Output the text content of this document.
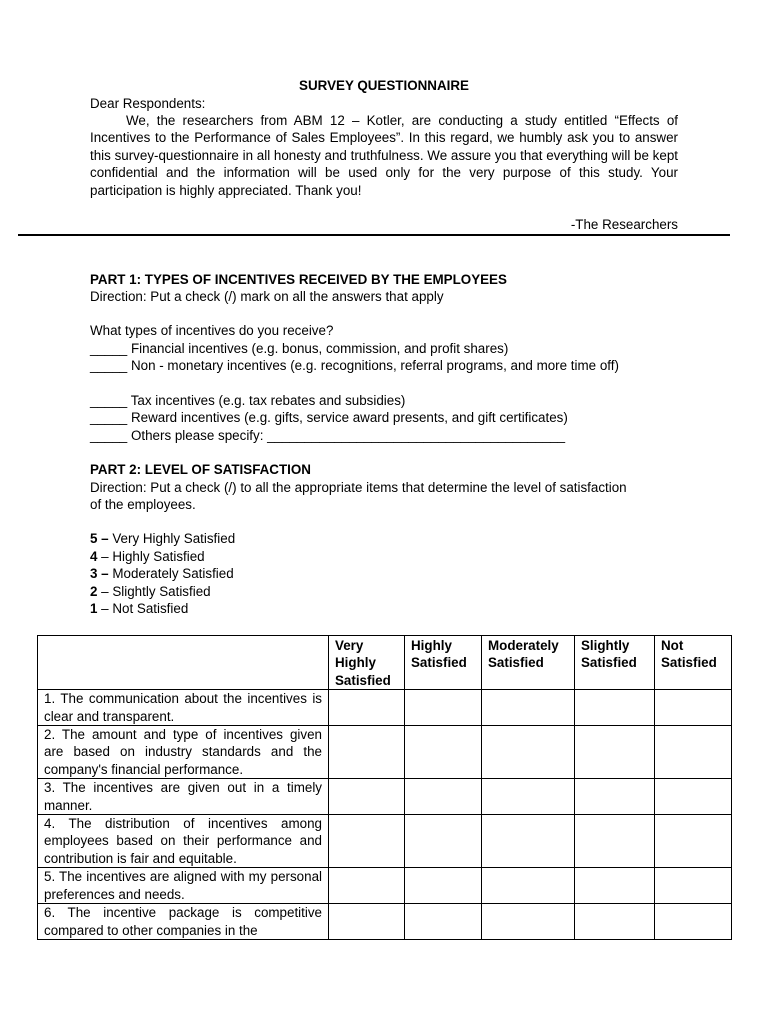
SURVEY QUESTIONNAIRE
Dear Respondents:
We, the researchers from ABM 12 – Kotler, are conducting a study entitled “Effects of Incentives to the Performance of Sales Employees”. In this regard, we humbly ask you to answer this survey-questionnaire in all honesty and truthfulness. We assure you that everything will be kept confidential and the information will be used only for the very purpose of this study. Your participation is highly appreciated. Thank you!
-The Researchers
PART 1: TYPES OF INCENTIVES RECEIVED BY THE EMPLOYEES
Direction: Put a check (/) mark on all the answers that apply
What types of incentives do you receive?
_____ Financial incentives (e.g. bonus, commission, and profit shares)
_____ Non - monetary incentives (e.g. recognitions, referral programs, and more time off)
_____ Tax incentives (e.g. tax rebates and subsidies)
_____ Reward incentives (e.g. gifts, service award presents, and gift certificates)
_____ Others please specify: ________________________________________
PART 2: LEVEL OF SATISFACTION
Direction: Put a check (/) to all the appropriate items that determine the level of satisfaction of the employees.
5 – Very Highly Satisfied
4 – Highly Satisfied
3 – Moderately Satisfied
2 – Slightly Satisfied
1 – Not Satisfied
	Very Highly Satisfied	Highly Satisfied	Moderately Satisfied	Slightly Satisfied	Not Satisfied
1. The communication about the incentives is clear and transparent.					
2. The amount and type of incentives given are based on industry standards and the company's financial performance.					
3. The incentives are given out in a timely manner.					
4. The distribution of incentives among employees based on their performance and contribution is fair and equitable.					
5. The incentives are aligned with my personal preferences and needs.					
6. The incentive package is competitive compared to other companies in the					
